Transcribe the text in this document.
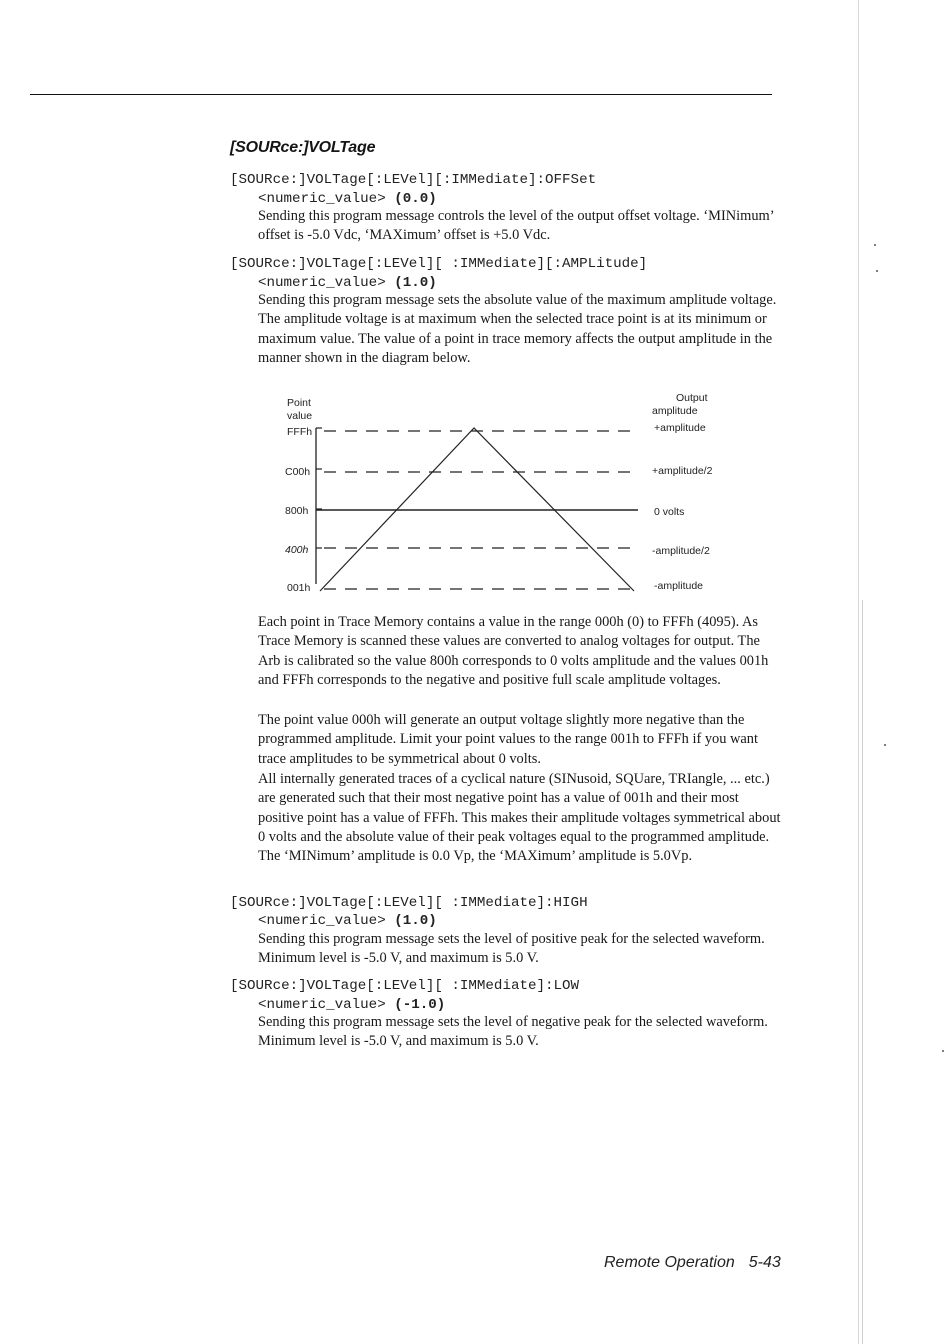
[SOURce:]VOLTage
[SOURce:]VOLTage[:LEVel][:IMMediate]:OFFSet
<numeric_value> (0.0)
Sending this program message controls the level of the output offset voltage. ‘MINimum’ offset is -5.0 Vdc, ‘MAXimum’ offset is +5.0 Vdc.
[SOURce:]VOLTage[:LEVel][ :IMMediate][:AMPLitude]
<numeric_value> (1.0)
Sending this program message sets the absolute value of the maximum amplitude voltage. The amplitude voltage is at maximum when the selected trace point is at its minimum or maximum value. The value of a point in trace memory affects the output amplitude in the manner shown in the diagram below.
Point
value
Output
amplitude
FFFh
C00h
800h
400h
001h
+amplitude
+amplitude/2
0 volts
-amplitude/2
-amplitude
Each point in Trace Memory contains a value in the range 000h (0) to FFFh (4095). As Trace Memory is scanned these values are converted to analog voltages for output. The Arb is calibrated so the value 800h corresponds to 0 volts amplitude and the values 001h and FFFh corresponds to the negative and positive full scale amplitude voltages.
The point value 000h will generate an output voltage slightly more negative than the programmed amplitude. Limit your point values to the range 001h to FFFh if you want trace amplitudes to be symmetrical about 0 volts.
All internally generated traces of a cyclical nature (SINusoid, SQUare, TRIangle, ... etc.) are generated such that their most negative point has a value of 001h and their most positive point has a value of FFFh. This makes their amplitude voltages symmetrical about 0 volts and the absolute value of their peak voltages equal to the programmed amplitude. The ‘MINimum’ amplitude is 0.0 Vp, the ‘MAXimum’ amplitude is 5.0Vp.
[SOURce:]VOLTage[:LEVel][ :IMMediate]:HIGH
<numeric_value> (1.0)
Sending this program message sets the level of positive peak for the selected waveform. Minimum level is -5.0 V, and maximum is 5.0 V.
[SOURce:]VOLTage[:LEVel][ :IMMediate]:LOW
<numeric_value> (-1.0)
Sending this program message sets the level of negative peak for the selected waveform. Minimum level is -5.0 V, and maximum is 5.0 V.
Remote Operation 5-43
